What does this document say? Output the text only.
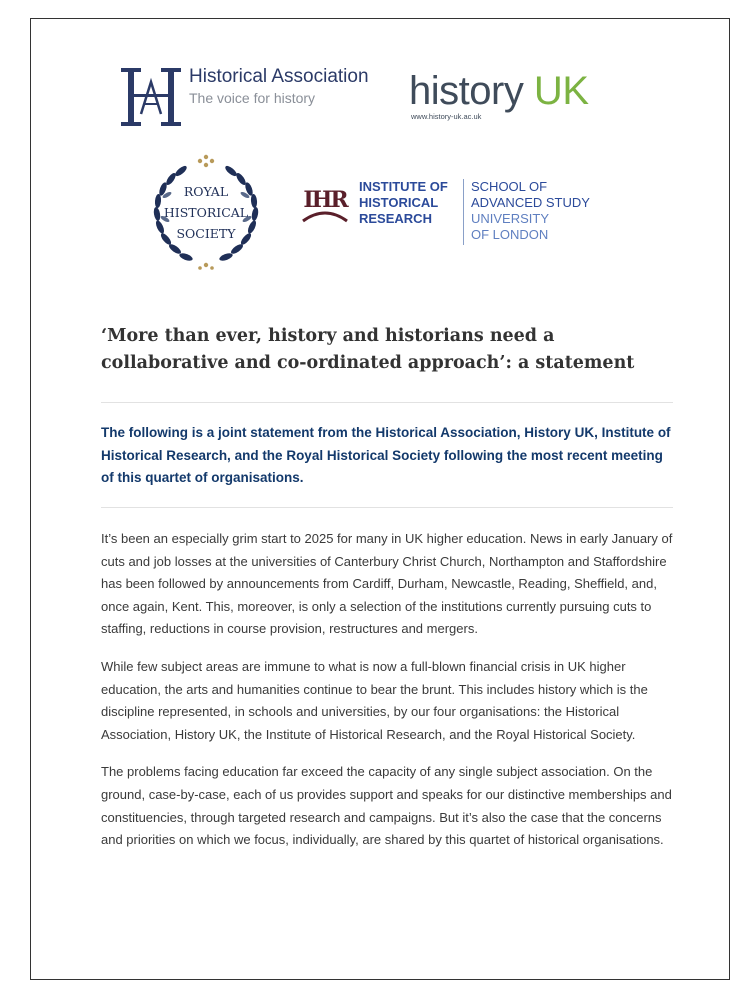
Historical Association
The voice for history history UK
www.history-uk.ac.uk
ROYAL
HISTORICAL
SOCIETY
IHR
INSTITUTE OF
HISTORICAL
RESEARCH
SCHOOL OF
ADVANCED STUDY
UNIVERSITY
OF LONDON
‘More than ever, history and historians need a collaborative and co-ordinated approach’: a statement
The following is a joint statement from the Historical Association, History UK, Institute of Historical Research, and the Royal Historical Society following the most recent meeting of this quartet of organisations.

It’s been an especially grim start to 2025 for many in UK higher education. News in early January of cuts and job losses at the universities of Canterbury Christ Church, Northampton and Staffordshire has been followed by announcements from Cardiff, Durham, Newcastle, Reading, Sheffield, and, once again, Kent. This, moreover, is only a selection of the institutions currently pursuing cuts to staffing, reductions in course provision, restructures and mergers.

While few subject areas are immune to what is now a full-blown financial crisis in UK higher education, the arts and humanities continue to bear the brunt. This includes history which is the discipline represented, in schools and universities, by our four organisations: the Historical Association, History UK, the Institute of Historical Research, and the Royal Historical Society.

The problems facing education far exceed the capacity of any single subject association. On the ground, case-by-case, each of us provides support and speaks for our distinctive memberships and constituencies, through targeted research and campaigns. But it’s also the case that the concerns and priorities on which we focus, individually, are shared by this quartet of historical organisations.
